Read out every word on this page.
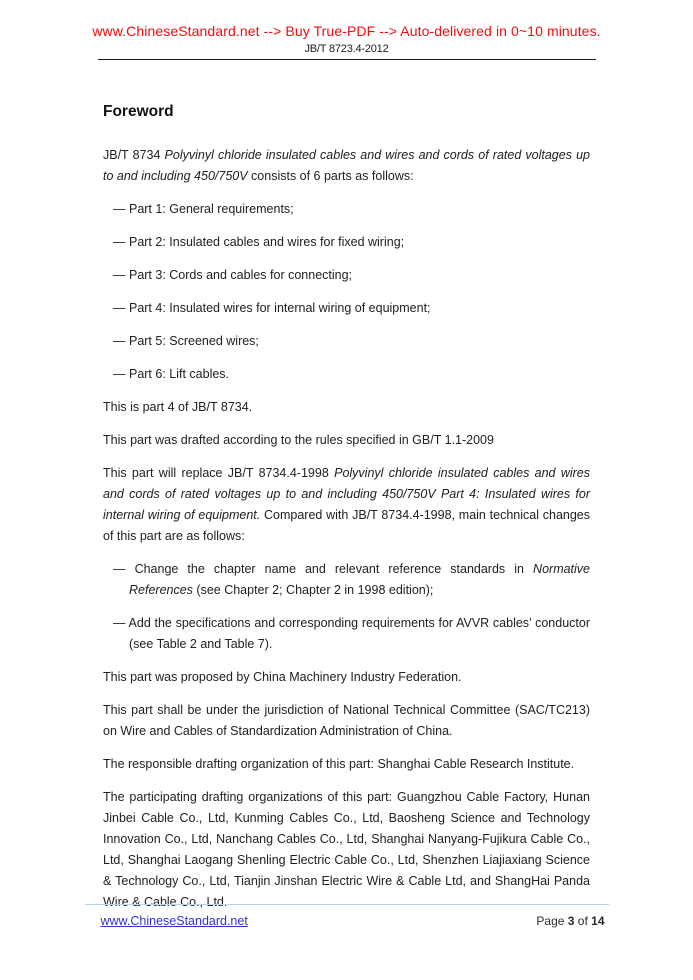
www.ChineseStandard.net --> Buy True-PDF --> Auto-delivered in 0~10 minutes.
JB/T 8723.4-2012
Foreword

JB/T 8734 Polyvinyl chloride insulated cables and wires and cords of rated voltages up to and including 450/750V consists of 6 parts as follows:

— Part 1: General requirements;

— Part 2: Insulated cables and wires for fixed wiring;

— Part 3: Cords and cables for connecting;

— Part 4: Insulated wires for internal wiring of equipment;

— Part 5: Screened wires;

— Part 6: Lift cables.

This is part 4 of JB/T 8734.

This part was drafted according to the rules specified in GB/T 1.1-2009

This part will replace JB/T 8734.4-1998 Polyvinyl chloride insulated cables and wires and cords of rated voltages up to and including 450/750V Part 4: Insulated wires for internal wiring of equipment. Compared with JB/T 8734.4-1998, main technical changes of this part are as follows:

— Change the chapter name and relevant reference standards in Normative References (see Chapter 2; Chapter 2 in 1998 edition);

— Add the specifications and corresponding requirements for AVVR cables’ conductor (see Table 2 and Table 7).

This part was proposed by China Machinery Industry Federation.

This part shall be under the jurisdiction of National Technical Committee (SAC/TC213) on Wire and Cables of Standardization Administration of China.

The responsible drafting organization of this part: Shanghai Cable Research Institute.

The participating drafting organizations of this part: Guangzhou Cable Factory, Hunan Jinbei Cable Co., Ltd, Kunming Cables Co., Ltd, Baosheng Science and Technology Innovation Co., Ltd, Nanchang Cables Co., Ltd, Shanghai Nanyang-Fujikura Cable Co., Ltd, Shanghai Laogang Shenling Electric Cable Co., Ltd, Shenzhen Liajiaxiang Science & Technology Co., Ltd, Tianjin Jinshan Electric Wire & Cable Ltd, and ShangHai Panda Wire & Cable Co., Ltd.

www.ChineseStandard.net	Page 3 of 14
